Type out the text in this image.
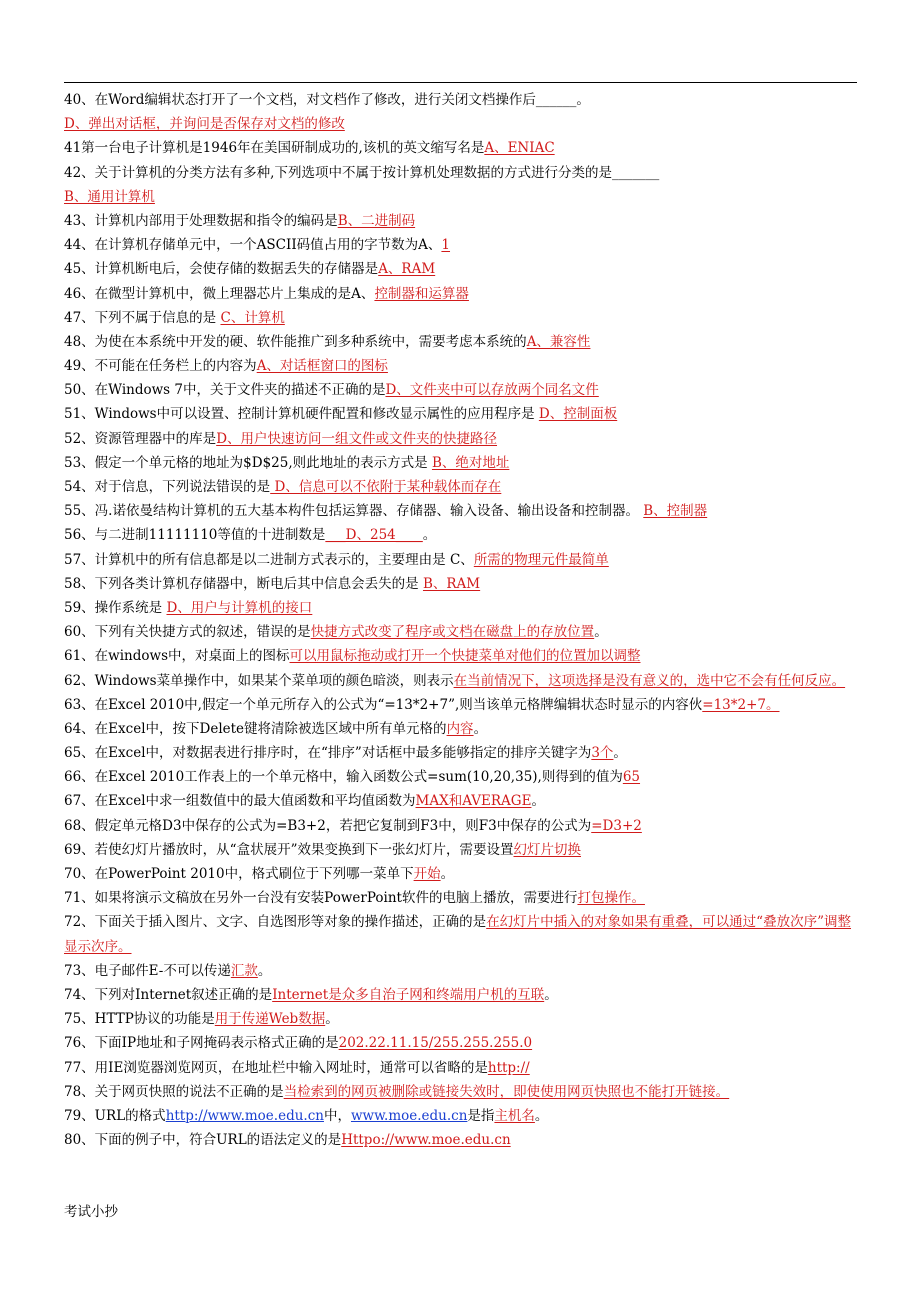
40、在Word编辑状态打开了一个文档，对文档作了修改，进行关闭文档操作后______。
D、弹出对话框，并询问是否保存对文档的修改
41第一台电子计算机是1946年在美国研制成功的,该机的英文缩写名是A、ENIAC
42、关于计算机的分类方法有多种,下列选项中不属于按计算机处理数据的方式进行分类的是_______
B、通用计算机
43、计算机内部用于处理数据和指令的编码是B、二进制码
44、在计算机存储单元中，一个ASCII码值占用的字节数为A、1
45、计算机断电后，会使存储的数据丢失的存储器是A、RAM
46、在微型计算机中，微上理器芯片上集成的是A、控制器和运算器
47、下列不属于信息的是 C、计算机
48、为使在本系统中开发的硬、软件能推广到多种系统中，需要考虑本系统的A、兼容性
49、不可能在任务栏上的内容为A、对话框窗口的图标
50、在Windows 7中，关于文件夹的描述不正确的是D、文件夹中可以存放两个同名文件
51、Windows中可以设置、控制计算机硬件配置和修改显示属性的应用程序是 D、控制面板
52、资源管理器中的库是D、用户快速访问一组文件或文件夹的快捷路径
53、假定一个单元格的地址为$D$25,则此地址的表示方式是 B、绝对地址
54、对于信息，下列说法错误的是 D、信息可以不依附于某种载体而存在
55、冯.诺依曼结构计算机的五大基本构件包括运算器、存储器、输入设备、输出设备和控制器。 B、控制器
56、与二进制11111110等值的十进制数是___D、254____。
57、计算机中的所有信息都是以二进制方式表示的，主要理由是 C、所需的物理元件最简单
58、下列各类计算机存储器中，断电后其中信息会丢失的是 B、RAM
59、操作系统是 D、用户与计算机的接口
60、下列有关快捷方式的叙述，错误的是快捷方式改变了程序或文档在磁盘上的存放位置。
61、在windows中，对桌面上的图标可以用鼠标拖动或打开一个快捷菜单对他们的位置加以调整
62、Windows菜单操作中，如果某个菜单项的颜色暗淡，则表示在当前情况下，这项选择是没有意义的，选中它不会有任何反应。
63、在Excel 2010中,假定一个单元所存入的公式为“=13*2+7”,则当该单元格牌编辑状态时显示的内容伙=13*2+7。
64、在Excel中，按下Delete键将清除被选区域中所有单元格的内容。
65、在Excel中，对数据表进行排序时，在“排序”对话框中最多能够指定的排序关键字为3个。
66、在Excel 2010工作表上的一个单元格中，输入函数公式=sum(10,20,35),则得到的值为65
67、在Excel中求一组数值中的最大值函数和平均值函数为MAX和AVERAGE。
68、假定单元格D3中保存的公式为=B3+2，若把它复制到F3中，则F3中保存的公式为=D3+2
69、若使幻灯片播放时，从“盒状展开”效果变换到下一张幻灯片，需要设置幻灯片切换
70、在PowerPoint 2010中，格式刷位于下列哪一菜单下开始。
71、如果将演示文稿放在另外一台没有安装PowerPoint软件的电脑上播放，需要进行打包操作。
72、下面关于插入图片、文字、自选图形等对象的操作描述，正确的是在幻灯片中插入的对象如果有重叠，可以通过“叠放次序”调整显示次序。
73、电子邮件E-不可以传递汇款。
74、下列对Internet叙述正确的是Internet是众多自治子网和终端用户机的互联。
75、HTTP协议的功能是用于传递Web数据。
76、下面IP地址和子网掩码表示格式正确的是202.22.11.15/255.255.255.0
77、用IE浏览器浏览网页，在地址栏中输入网址时，通常可以省略的是http://
78、关于网页快照的说法不正确的是当检索到的网页被删除或链接失效时，即使使用网页快照也不能打开链接。
79、URL的格式http://www.moe.edu.cn中，www.moe.edu.cn是指主机名。
80、下面的例子中，符合URL的语法定义的是Httpo://www.moe.edu.cn
考试小抄
